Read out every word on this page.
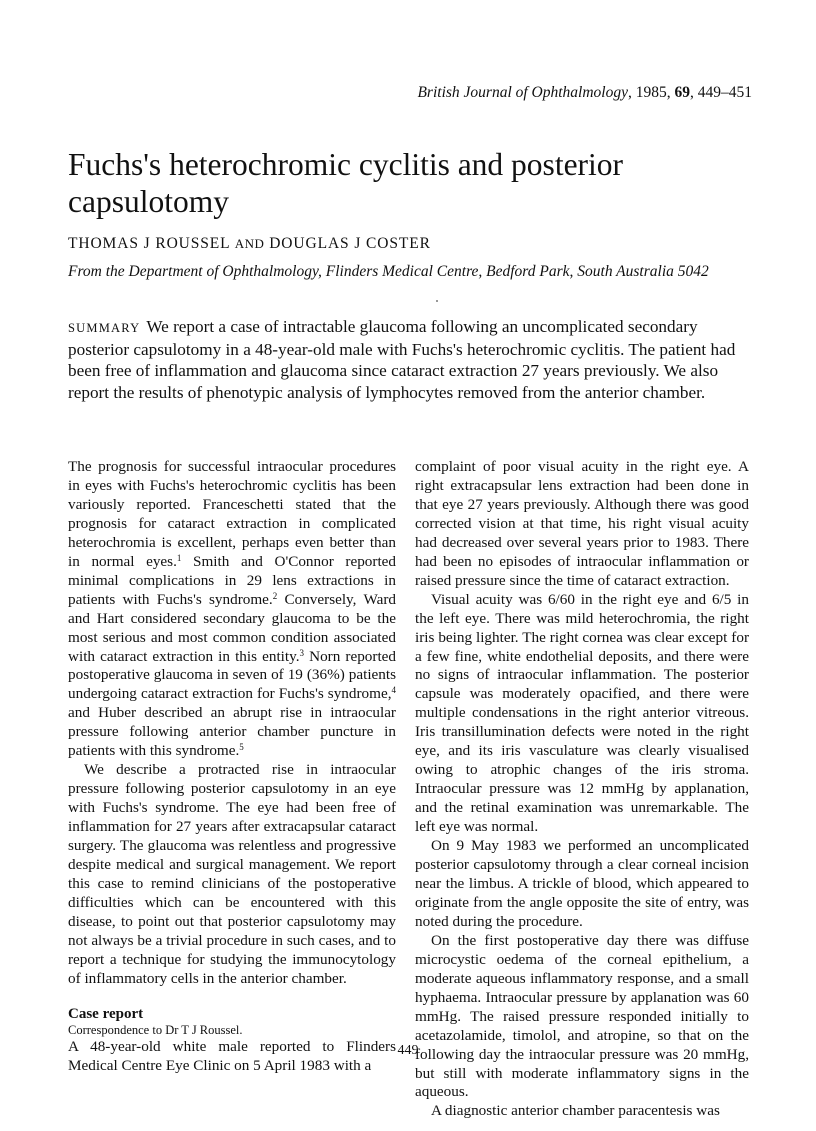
British Journal of Ophthalmology, 1985, 69, 449–451
Fuchs's heterochromic cyclitis and posterior capsulotomy
THOMAS J ROUSSEL AND DOUGLAS J COSTER
From the Department of Ophthalmology, Flinders Medical Centre, Bedford Park, South Australia 5042

SUMMARY We report a case of intractable glaucoma following an uncomplicated secondary posterior capsulotomy in a 48-year-old male with Fuchs's heterochromic cyclitis. The patient had been free of inflammation and glaucoma since cataract extraction 27 years previously. We also report the results of phenotypic analysis of lymphocytes removed from the anterior chamber.

The prognosis for successful intraocular procedures in eyes with Fuchs's heterochromic cyclitis has been variously reported. Franceschetti stated that the prognosis for cataract extraction in complicated heterochromia is excellent, perhaps even better than in normal eyes.$^1$ Smith and O'Connor reported minimal complications in 29 lens extractions in patients with Fuchs's syndrome.$^2$ Conversely, Ward and Hart considered secondary glaucoma to be the most serious and most common condition associated with cataract extraction in this entity.$^3$ Norn reported postoperative glaucoma in seven of 19 (36%) patients undergoing cataract extraction for Fuchs's syndrome,$^4$ and Huber described an abrupt rise in intraocular pressure following anterior chamber puncture in patients with this syndrome.$^5$

We describe a protracted rise in intraocular pressure following posterior capsulotomy in an eye with Fuchs's syndrome. The eye had been free of inflammation for 27 years after extracapsular cataract surgery. The glaucoma was relentless and progressive despite medical and surgical management. We report this case to remind clinicians of the postoperative difficulties which can be encountered with this disease, to point out that posterior capsulotomy may not always be a trivial procedure in such cases, and to report a technique for studying the immunocytology of inflammatory cells in the anterior chamber.

Case report

A 48-year-old white male reported to Flinders Medical Centre Eye Clinic on 5 April 1983 with a

complaint of poor visual acuity in the right eye. A right extracapsular lens extraction had been done in that eye 27 years previously. Although there was good corrected vision at that time, his right visual acuity had decreased over several years prior to 1983. There had been no episodes of intraocular inflammation or raised pressure since the time of cataract extraction.

Visual acuity was 6/60 in the right eye and 6/5 in the left eye. There was mild heterochromia, the right iris being lighter. The right cornea was clear except for a few fine, white endothelial deposits, and there were no signs of intraocular inflammation. The posterior capsule was moderately opacified, and there were multiple condensations in the right anterior vitreous. Iris transillumination defects were noted in the right eye, and its iris vasculature was clearly visualised owing to atrophic changes of the iris stroma. Intraocular pressure was 12 mmHg by applanation, and the retinal examination was unremarkable. The left eye was normal.

On 9 May 1983 we performed an uncomplicated posterior capsulotomy through a clear corneal incision near the limbus. A trickle of blood, which appeared to originate from the angle opposite the site of entry, was noted during the procedure.

On the first postoperative day there was diffuse microcystic oedema of the corneal epithelium, a moderate aqueous inflammatory response, and a small hyphaema. Intraocular pressure by applanation was 60 mmHg. The raised pressure responded initially to acetazolamide, timolol, and atropine, so that on the following day the intraocular pressure was 20 mmHg, but still with moderate inflammatory signs in the aqueous.

A diagnostic anterior chamber paracentesis was

Correspondence to Dr T J Roussel.
449
